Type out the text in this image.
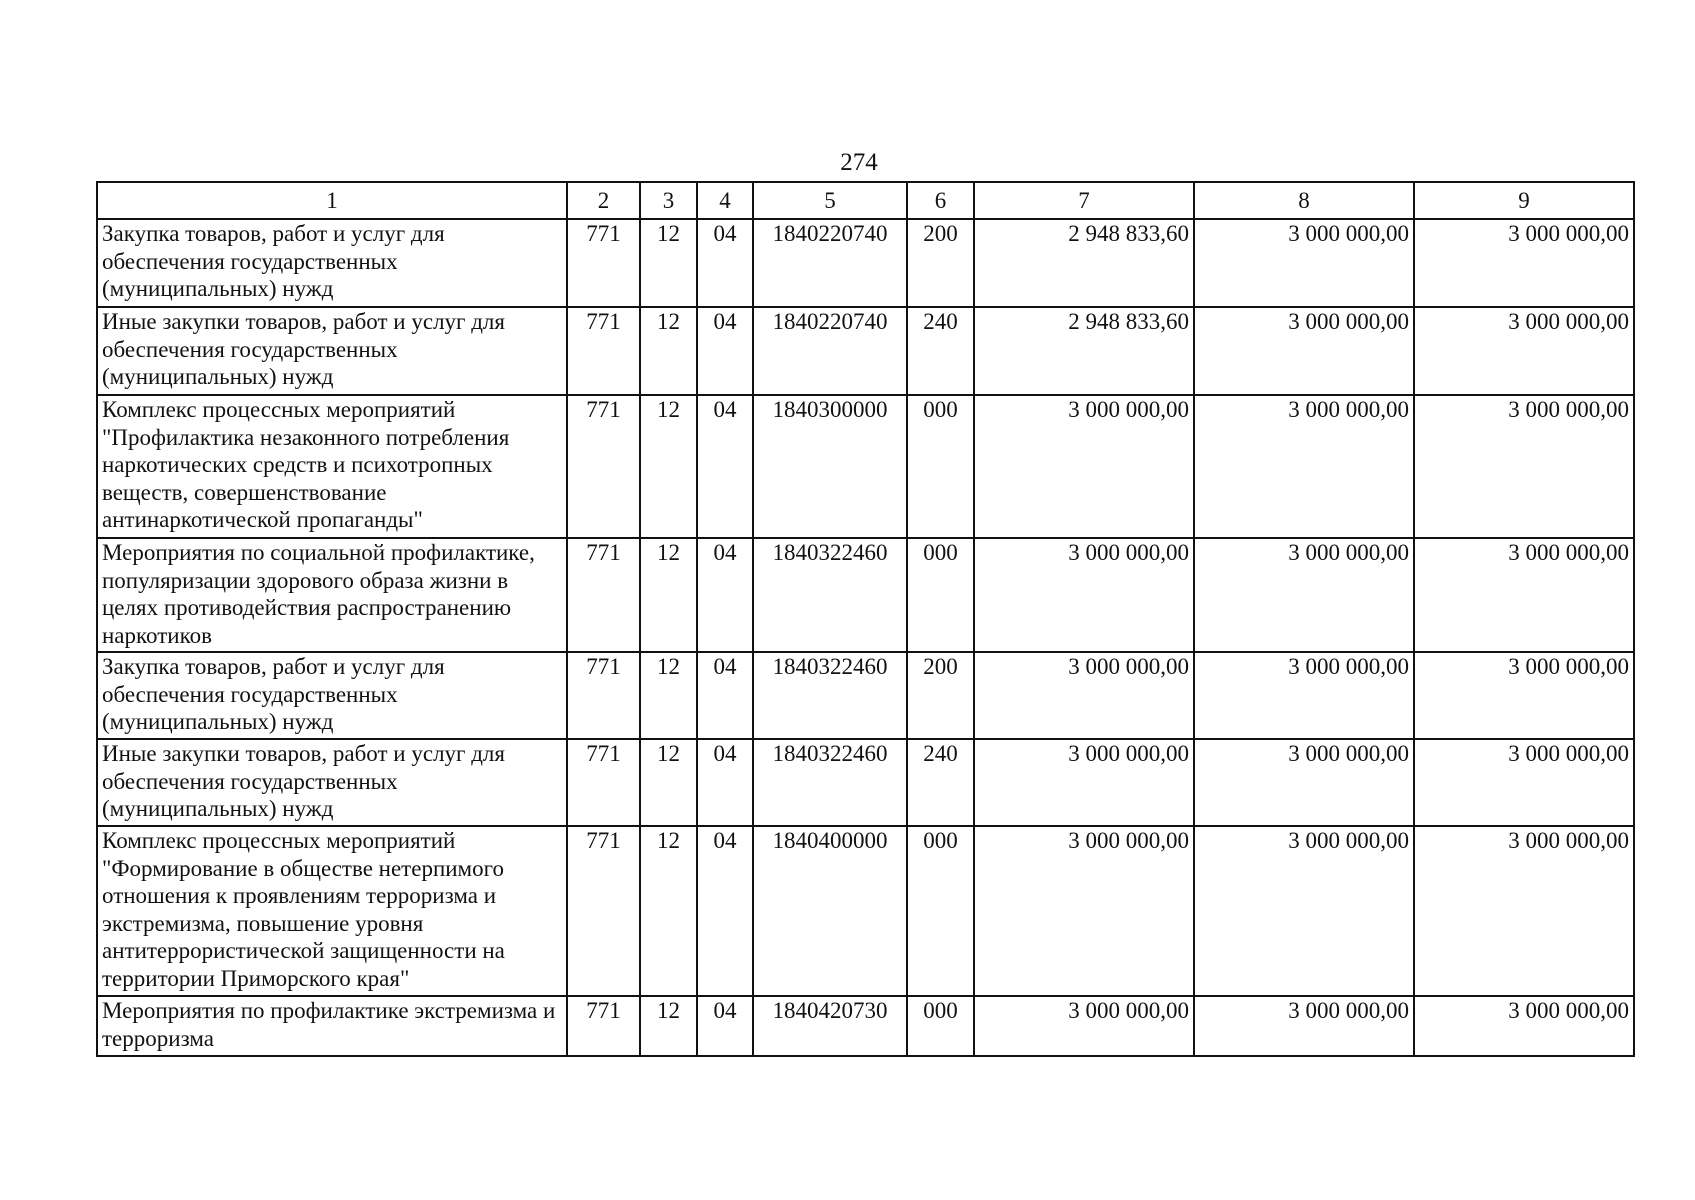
274
1	2	3	4	5	6	7	8	9
Закупка товаров, работ и услуг для обеспечения государственных (муниципальных) нужд	771	12	04	1840220740	200	2 948 833,60	3 000 000,00	3 000 000,00
Иные закупки товаров, работ и услуг для обеспечения государственных (муниципальных) нужд	771	12	04	1840220740	240	2 948 833,60	3 000 000,00	3 000 000,00
Комплекс процессных мероприятий "Профилактика незаконного потребления наркотических средств и психотропных веществ, совершенствование антинаркотической пропаганды"	771	12	04	1840300000	000	3 000 000,00	3 000 000,00	3 000 000,00
Мероприятия по социальной профилактике, популяризации здорового образа жизни в целях противодействия распространению наркотиков	771	12	04	1840322460	000	3 000 000,00	3 000 000,00	3 000 000,00
Закупка товаров, работ и услуг для обеспечения государственных (муниципальных) нужд	771	12	04	1840322460	200	3 000 000,00	3 000 000,00	3 000 000,00
Иные закупки товаров, работ и услуг для обеспечения государственных (муниципальных) нужд	771	12	04	1840322460	240	3 000 000,00	3 000 000,00	3 000 000,00
Комплекс процессных мероприятий "Формирование в обществе нетерпимого отношения к проявлениям терроризма и экстремизма, повышение уровня антитеррористической защищенности на территории Приморского края"	771	12	04	1840400000	000	3 000 000,00	3 000 000,00	3 000 000,00
Мероприятия по профилактике экстремизма и терроризма	771	12	04	1840420730	000	3 000 000,00	3 000 000,00	3 000 000,00
